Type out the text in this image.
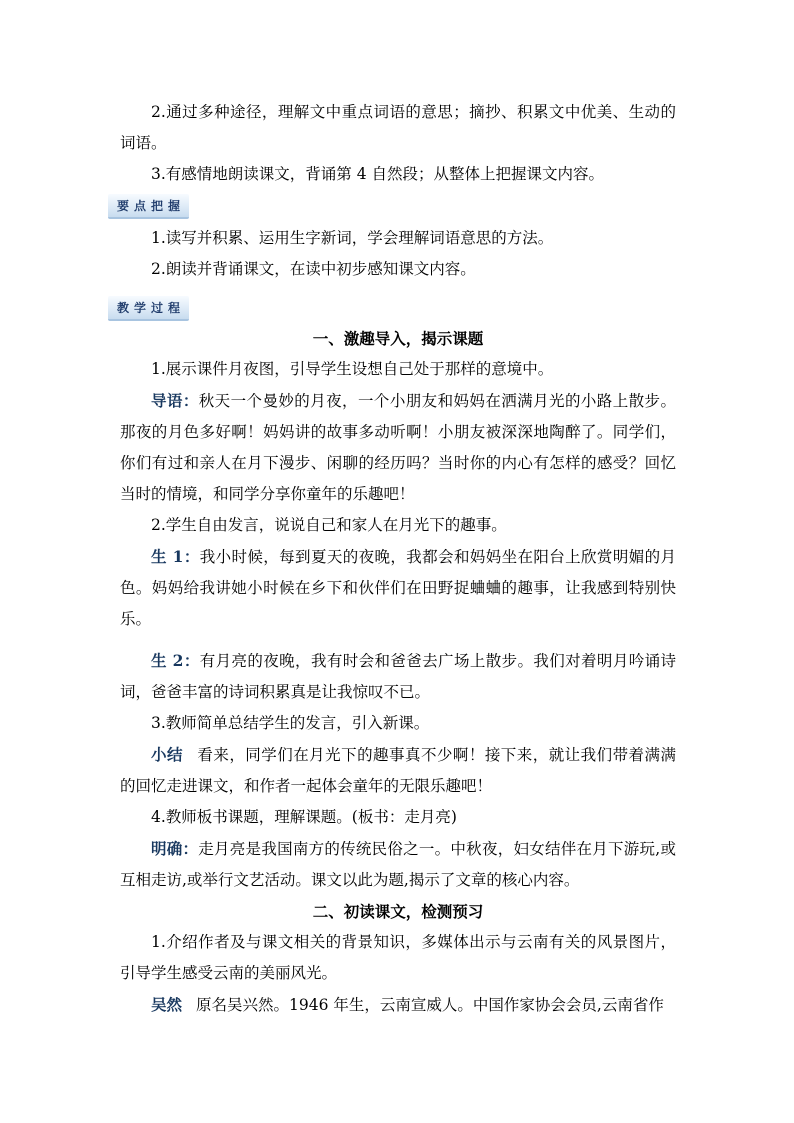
2.通过多种途径，理解文中重点词语的意思；摘抄、积累文中优美、生动的词语。

3.有感情地朗读课文，背诵第 4 自然段；从整体上把握课文内容。

要点把握

1.读写并积累、运用生字新词，学会理解词语意思的方法。

2.朗读并背诵课文，在读中初步感知课文内容。

教学过程

一、激趣导入，揭示课题

1.展示课件月夜图，引导学生设想自己处于那样的意境中。

导语：秋天一个曼妙的月夜，一个小朋友和妈妈在洒满月光的小路上散步。那夜的月色多好啊！妈妈讲的故事多动听啊！小朋友被深深地陶醉了。同学们，你们有过和亲人在月下漫步、闲聊的经历吗？当时你的内心有怎样的感受？回忆当时的情境，和同学分享你童年的乐趣吧！

2.学生自由发言，说说自己和家人在月光下的趣事。

生 1：我小时候，每到夏天的夜晚，我都会和妈妈坐在阳台上欣赏明媚的月色。妈妈给我讲她小时候在乡下和伙伴们在田野捉蛐蛐的趣事，让我感到特别快乐。

生 2：有月亮的夜晚，我有时会和爸爸去广场上散步。我们对着明月吟诵诗词，爸爸丰富的诗词积累真是让我惊叹不已。

3.教师简单总结学生的发言，引入新课。

小结 看来，同学们在月光下的趣事真不少啊！接下来，就让我们带着满满的回忆走进课文，和作者一起体会童年的无限乐趣吧！

4.教师板书课题，理解课题。(板书：走月亮)

明确：走月亮是我国南方的传统民俗之一。中秋夜，妇女结伴在月下游玩,或互相走访,或举行文艺活动。课文以此为题,揭示了文章的核心内容。

二、初读课文，检测预习

1.介绍作者及与课文相关的背景知识，多媒体出示与云南有关的风景图片，引导学生感受云南的美丽风光。

吴然 原名吴兴然。1946 年生，云南宣威人。中国作家协会会员,云南省作
